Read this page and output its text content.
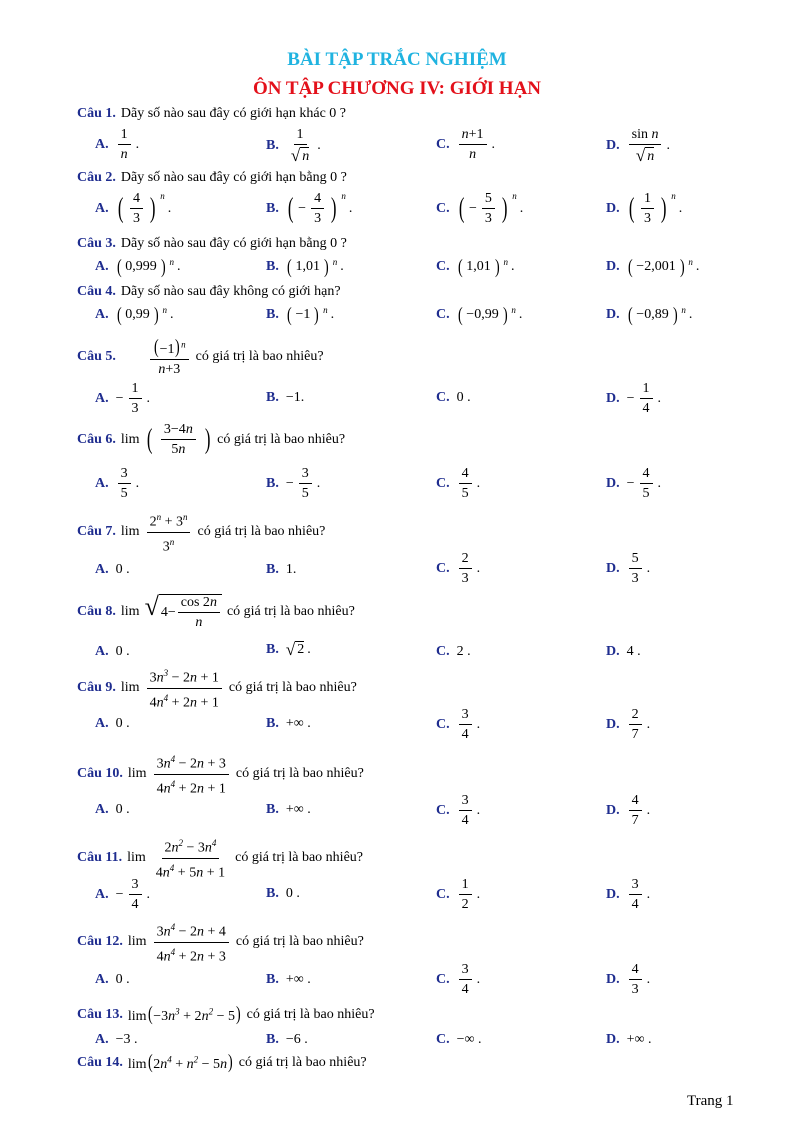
BÀI TẬP TRẮC NGHIỆM
ÔN TẬP CHƯƠNG IV: GIỚI HẠN
Câu 1. Dãy số nào sau đây có giới hạn khác 0 ?
A.
1
n
.	B.
1
√ n
.	C.
n+1
n
.	D.
sin n
√ n
.
Câu 2. Dãy số nào sau đây có giới hạn bằng 0 ?
A. ( 4
3 ) $^n$
.	B. ( −
4
3 ) $^n$
.	C. ( −
5
3 ) $^n$
.	D. ( 1
3 ) $^n$
.
Câu 3. Dãy số nào sau đây có giới hạn bằng 0 ?
A. ( 0,999 ) $^n$ .	B. ( 1,01 ) $^n$ .	C. ( 1,01 ) $^n$ .	D. ( −2,001 ) $^n$ .
Câu 4. Dãy số nào sau đây không có giới hạn?
A. ( 0,99 ) $^n$ .	B. ( −1 ) $^n$ .	C. ( −0,99 ) $^n$ .	D. ( −0,89 ) $^n$ .
Câu 5. $(-1)^n$
n+3
có giá trị là bao nhiêu?
A. −
1
3
.	B. −1.	C. 0 .	D. −
1
4
.
Câu 6. lim ( 3−4n
5n ) có giá trị là bao nhiêu?
A.
3
5
.	B. −
3
5
.	C.
4
5
.	D. −
4
5
.
Câu 7. lim
$2^n + 3^n$
3$^n$
có giá trị là bao nhiêu?
A. 0 .	B. 1.	C.
2
3
.	D.
5
3
.
Câu 8. lim √ 4−
cos 2n
n
có giá trị là bao nhiêu?
A. 0 .	B. √ 2 .	C. 2 .	D. 4 .
Câu 9. lim
$3n^3 - 2n + 1$
$4n^4 + 2n + 1$
có giá trị là bao nhiêu?
A. 0 .	B. +∞ .	C.
3
4
.	D.
2
7
.
Câu 10. lim
$3n^4 - 2n + 3$
$4n^4 + 2n + 1$
có giá trị là bao nhiêu?
A. 0 .	B. +∞ .	C.
3
4
.	D.
4
7
.
Câu 11. lim
$2n^2 - 3n^4$
$4n^4 + 5n + 1$
có giá trị là bao nhiêu?
A. −
3
4
.	B. 0 .	C.
1
2
.	D.
3
4
.
Câu 12. lim
$3n^4 - 2n + 4$
$4n^4 + 2n + 3$
có giá trị là bao nhiêu?
A. 0 .	B. +∞ .	C.
3
4
.	D.
4
3
.
Câu 13. $\lim(-3n^3 + 2n^2 - 5)$ có giá trị là bao nhiêu?
A. −3 .	B. −6 .	C. −∞ .	D. +∞ .
Câu 14. $\lim(2n^4 + n^2 - 5n)$ có giá trị là bao nhiêu?
Trang 1
